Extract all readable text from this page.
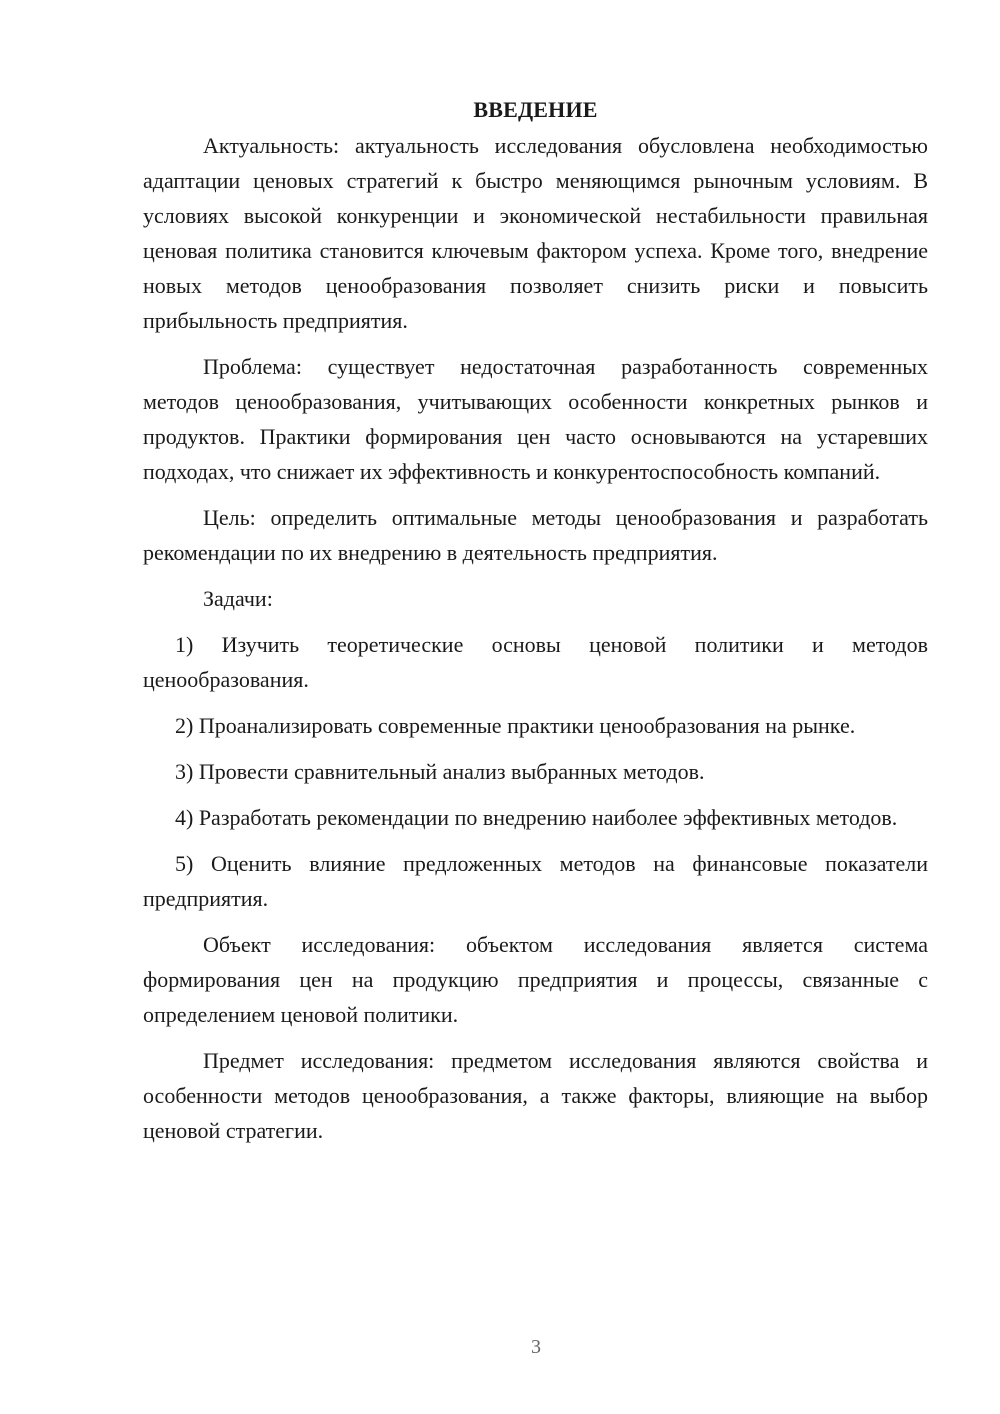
ВВЕДЕНИЕ

Актуальность: актуальность исследования обусловлена необходимостью адаптации ценовых стратегий к быстро меняющимся рыночным условиям. В условиях высокой конкуренции и экономической нестабильности правильная ценовая политика становится ключевым фактором успеха. Кроме того, внедрение новых методов ценообразования позволяет снизить риски и повысить прибыльность предприятия.

Проблема: существует недостаточная разработанность современных методов ценообразования, учитывающих особенности конкретных рынков и продуктов. Практики формирования цен часто основываются на устаревших подходах, что снижает их эффективность и конкурентоспособность компаний.

Цель: определить оптимальные методы ценообразования и разработать рекомендации по их внедрению в деятельность предприятия.

Задачи:

1) Изучить теоретические основы ценовой политики и методов ценообразования.

2) Проанализировать современные практики ценообразования на рынке.

3) Провести сравнительный анализ выбранных методов.

4) Разработать рекомендации по внедрению наиболее эффективных методов.

5) Оценить влияние предложенных методов на финансовые показатели предприятия.

Объект исследования: объектом исследования является система формирования цен на продукцию предприятия и процессы, связанные с определением ценовой политики.

Предмет исследования: предметом исследования являются свойства и особенности методов ценообразования, а также факторы, влияющие на выбор ценовой стратегии.

3
